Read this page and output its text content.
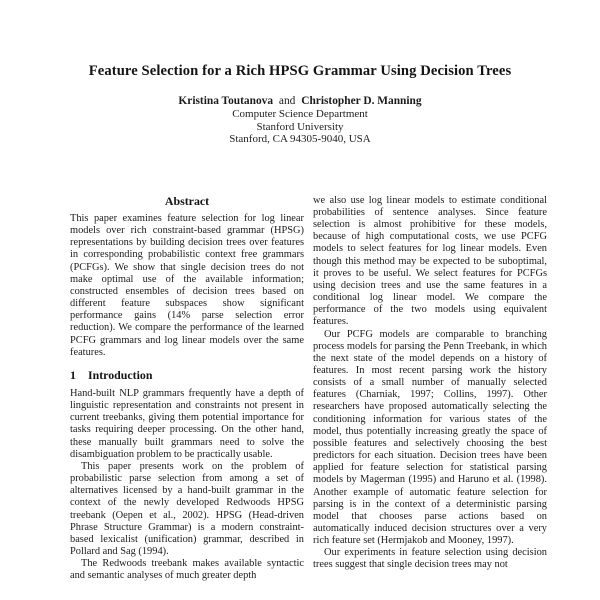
Feature Selection for a Rich HPSG Grammar Using Decision Trees
Kristina Toutanova and Christopher D. Manning
Computer Science Department
Stanford University
Stanford, CA 94305-9040, USA
Abstract

This paper examines feature selection for log linear models over rich constraint-based grammar (HPSG) representations by building decision trees over features in corresponding probabilistic context free grammars (PCFGs). We show that single decision trees do not make optimal use of the available information; constructed ensembles of decision trees based on different feature subspaces show significant performance gains (14% parse selection error reduction). We compare the performance of the learned PCFG grammars and log linear models over the same features.

1 Introduction

Hand-built NLP grammars frequently have a depth of linguistic representation and constraints not present in current treebanks, giving them potential importance for tasks requiring deeper processing. On the other hand, these manually built grammars need to solve the disambiguation problem to be practically usable.

This paper presents work on the problem of probabilistic parse selection from among a set of alternatives licensed by a hand-built grammar in the context of the newly developed Redwoods HPSG treebank (Oepen et al., 2002). HPSG (Head-driven Phrase Structure Grammar) is a modern constraint-based lexicalist (unification) grammar, described in Pollard and Sag (1994).

The Redwoods treebank makes available syntactic and semantic analyses of much greater depth

we also use log linear models to estimate conditional probabilities of sentence analyses. Since feature selection is almost prohibitive for these models, because of high computational costs, we use PCFG models to select features for log linear models. Even though this method may be expected to be suboptimal, it proves to be useful. We select features for PCFGs using decision trees and use the same features in a conditional log linear model. We compare the performance of the two models using equivalent features.

Our PCFG models are comparable to branching process models for parsing the Penn Treebank, in which the next state of the model depends on a history of features. In most recent parsing work the history consists of a small number of manually selected features (Charniak, 1997; Collins, 1997). Other researchers have proposed automatically selecting the conditioning information for various states of the model, thus potentially increasing greatly the space of possible features and selectively choosing the best predictors for each situation. Decision trees have been applied for feature selection for statistical parsing models by Magerman (1995) and Haruno et al. (1998). Another example of automatic feature selection for parsing is in the context of a deterministic parsing model that chooses parse actions based on automatically induced decision structures over a very rich feature set (Hermjakob and Mooney, 1997).

Our experiments in feature selection using decision trees suggest that single decision trees may not
